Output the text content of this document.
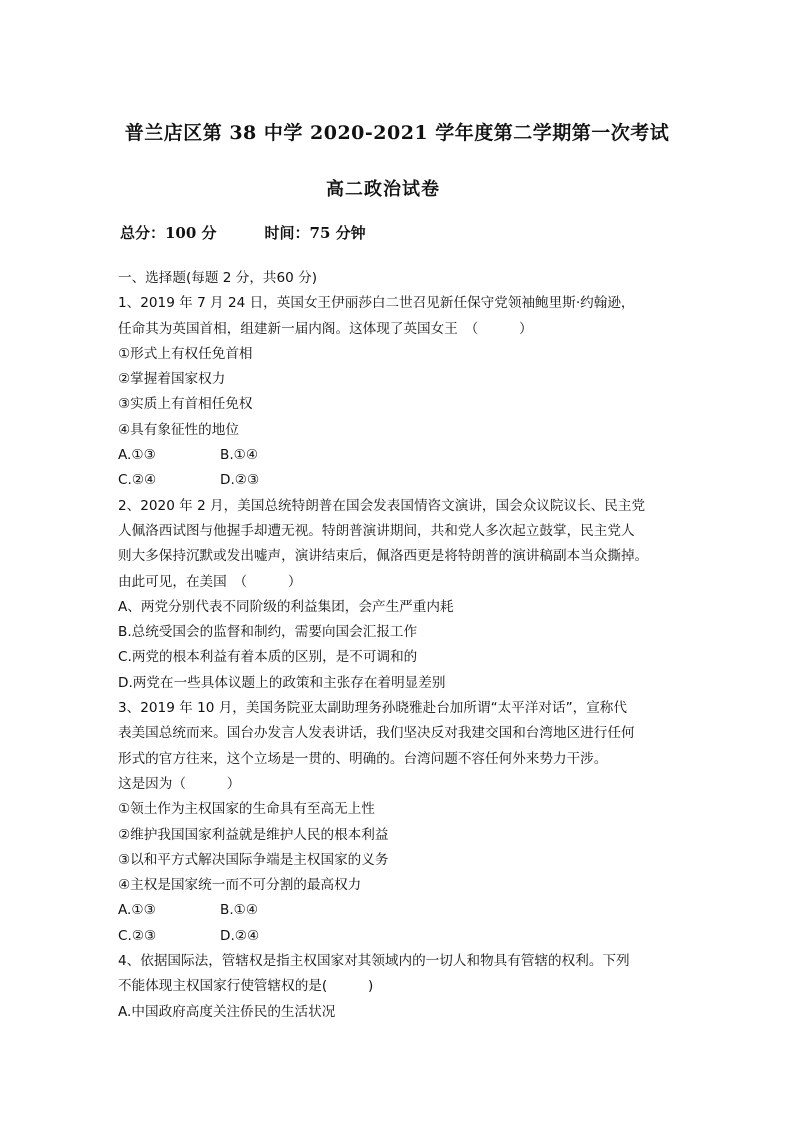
普兰店区第 38 中学 2020-2021 学年度第二学期第一次考试
高二政治试卷
总分：100 分	时间：75 分钟
一、选择题(每题 2 分，共60 分)
1、2019 年 7 月 24 日，英国女王伊丽莎白二世召见新任保守党领袖鲍里斯·约翰逊，
任命其为英国首相，组建新一届内阁。这体现了英国女王　（　　　）
①形式上有权任免首相
②掌握着国家权力
③实质上有首相任免权
④具有象征性的地位
A.①③	B.①④
C.②④	D.②③
2、2020 年 2 月，美国总统特朗普在国会发表国情咨文演讲，国会众议院议长、民主党
人佩洛西试图与他握手却遭无视。特朗普演讲期间，共和党人多次起立鼓掌，民主党人
则大多保持沉默或发出嘘声，演讲结束后，佩洛西更是将特朗普的演讲稿副本当众撕掉。
由此可见，在美国　（　　　）
A、两党分别代表不同阶级的利益集团，会产生严重内耗
B.总统受国会的监督和制约，需要向国会汇报工作
C.两党的根本利益有着本质的区别，是不可调和的
D.两党在一些具体议题上的政策和主张存在着明显差别
3、2019 年 10 月，美国务院亚太副助理务孙晓雅赴台加所谓“太平洋对话”，宣称代
表美国总统而来。国台办发言人发表讲话，我们坚决反对我建交国和台湾地区进行任何
形式的官方往来，这个立场是一贯的、明确的。台湾问题不容任何外来势力干涉。
这是因为（　　　）
①领土作为主权国家的生命具有至高无上性
②维护我国国家利益就是维护人民的根本利益
③以和平方式解决国际争端是主权国家的义务
④主权是国家统一而不可分割的最高权力
A.①③	B.①④
C.②③	D.②④
4、依据国际法，管辖权是指主权国家对其领域内的一切人和物具有管辖的权利。下列
不能体现主权国家行使管辖权的是(　　　)
A.中国政府高度关注侨民的生活状况
